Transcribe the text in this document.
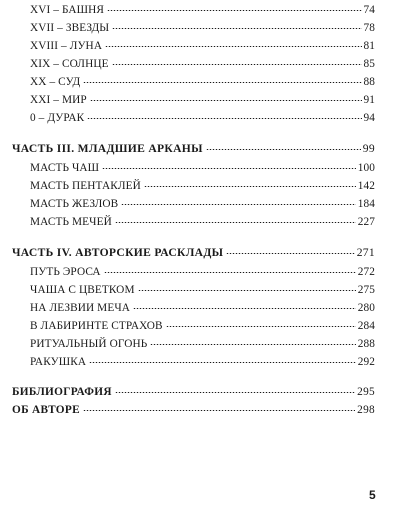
XVI – БАШНЯ	74
XVII – ЗВЕЗДЫ	78
XVIII – ЛУНА	81
XIX – СОЛНЦЕ	85
XX – СУД	88
XXI – МИР	91
0 – ДУРАК	94
ЧАСТЬ III. МЛАДШИЕ АРКАНЫ	99
МАСТЬ ЧАШ	100
МАСТЬ ПЕНТАКЛЕЙ	142
МАСТЬ ЖЕЗЛОВ	184
МАСТЬ МЕЧЕЙ	227
ЧАСТЬ IV. АВТОРСКИЕ РАСКЛАДЫ	271
ПУТЬ ЭРОСА	272
ЧАША С ЦВЕТКОМ	275
НА ЛЕЗВИИ МЕЧА	280
В ЛАБИРИНТЕ СТРАХОВ	284
РИТУАЛЬНЫЙ ОГОНЬ	288
РАКУШКА	292
БИБЛИОГРАФИЯ	295
ОБ АВТОРЕ	298
5
